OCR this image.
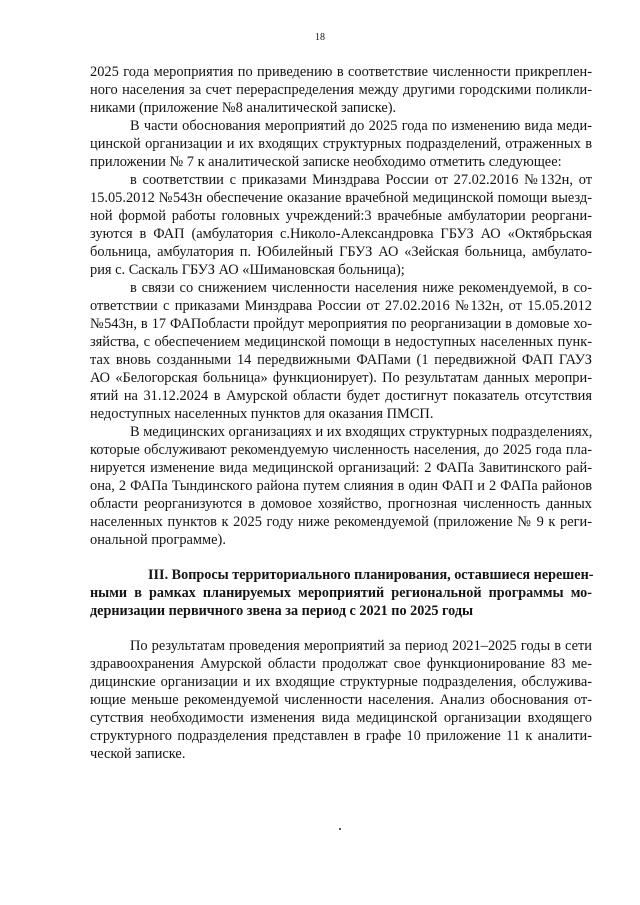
18
2025 года мероприятия по приведению в соответствие численности прикреплен-
ного населения за счет перераспределения между другими городскими поликли-
никами (приложение №8 аналитической записке).
В части обоснования мероприятий до 2025 года по изменению вида меди-
цинской организации и их входящих структурных подразделений, отраженных в
приложении № 7 к аналитической записке необходимо отметить следующее:
в соответствии с приказами Минздрава России от 27.02.2016 №132н, от
15.05.2012 №543н обеспечение оказание врачебной медицинской помощи выезд-
ной формой работы головных учреждений:3 врачебные амбулатории реоргани-
зуются в ФАП (амбулатория с.Николо-Александровка ГБУЗ АО «Октябрьская
больница, амбулатория п. Юбилейный ГБУЗ АО «Зейская больница, амбулато-
рия с. Саскаль ГБУЗ АО «Шимановская больница);
в связи со снижением численности населения ниже рекомендуемой, в со-
ответствии с приказами Минздрава России от 27.02.2016 №132н, от 15.05.2012
№543н, в 17 ФАПобласти пройдут мероприятия по реорганизации в домовые хо-
зяйства, с обеспечением медицинской помощи в недоступных населенных пунк-
тах вновь созданными 14 передвижными ФАПами (1 передвижной ФАП ГАУЗ
АО «Белогорская больница» функционирует). По результатам данных меропри-
ятий на 31.12.2024 в Амурской области будет достигнут показатель отсутствия
недоступных населенных пунктов для оказания ПМСП.
В медицинских организациях и их входящих структурных подразделениях,
которые обслуживают рекомендуемую численность населения, до 2025 года пла-
нируется изменение вида медицинской организаций: 2 ФАПа Завитинского рай-
она, 2 ФАПа Тындинского района путем слияния в один ФАП и 2 ФАПа районов
области реорганизуются в домовое хозяйство, прогнозная численность данных
населенных пунктов к 2025 году ниже рекомендуемой (приложение № 9 к реги-
ональной программе).
III. Вопросы территориального планирования, оставшиеся нерешен-
ными в рамках планируемых мероприятий региональной программы мо-
дернизации первичного звена за период с 2021 по 2025 годы
По результатам проведения мероприятий за период 2021–2025 годы в сети
здравоохранения Амурской области продолжат свое функционирование 83 ме-
дицинские организации и их входящие структурные подразделения, обслужива-
ющие меньше рекомендуемой численности населения. Анализ обоснования от-
сутствия необходимости изменения вида медицинской организации входящего
структурного подразделения представлен в графе 10 приложение 11 к аналити-
ческой записке.
